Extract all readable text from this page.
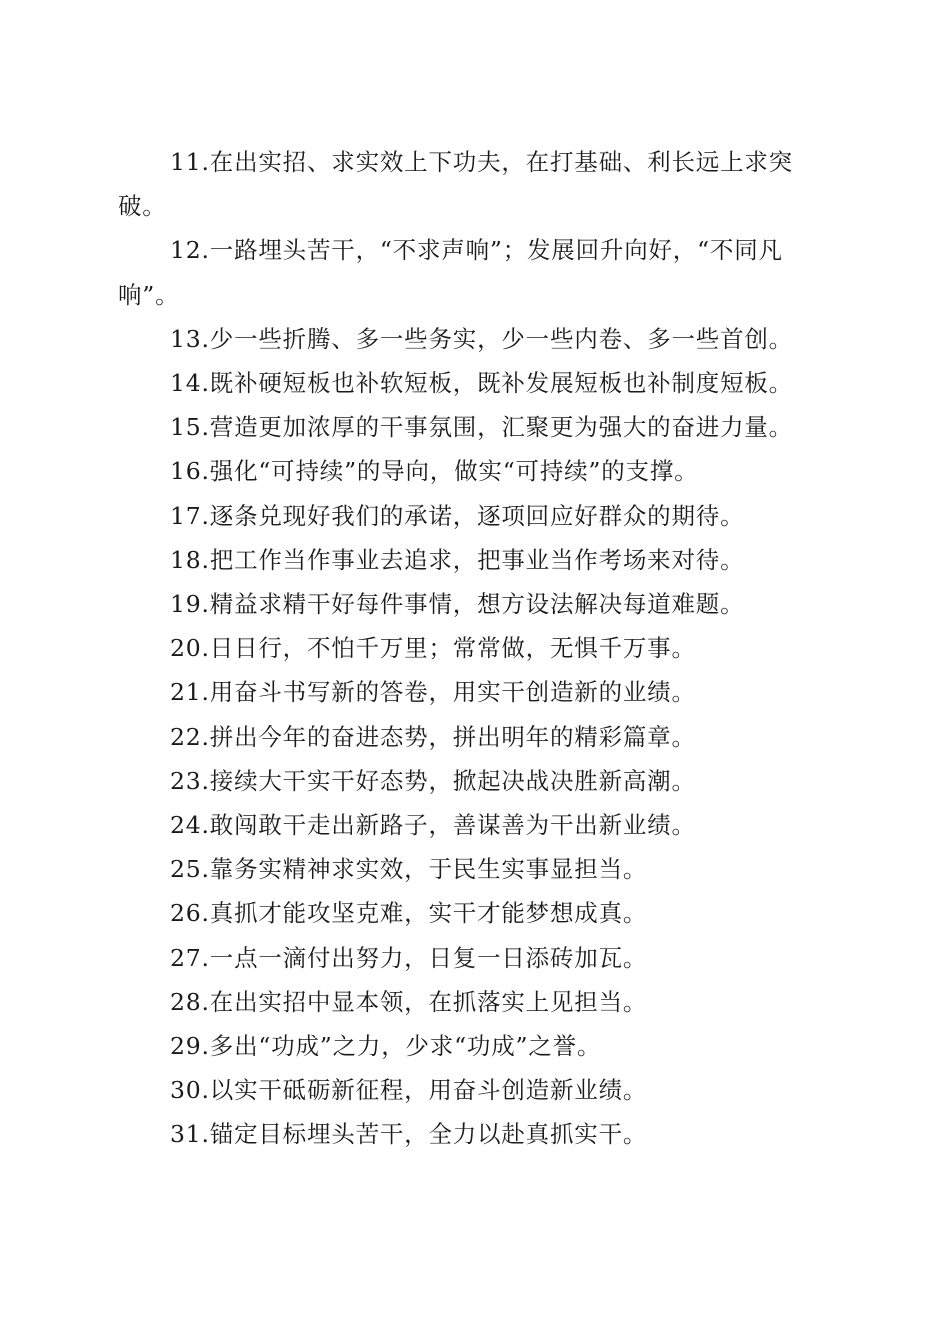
11.在出实招、求实效上下功夫，在打基础、利长远上求突破。

12.一路埋头苦干，“不求声响”；发展回升向好，“不同凡响”。

13.少一些折腾、多一些务实，少一些内卷、多一些首创。

14.既补硬短板也补软短板，既补发展短板也补制度短板。

15.营造更加浓厚的干事氛围，汇聚更为强大的奋进力量。

16.强化“可持续”的导向，做实“可持续”的支撑。

17.逐条兑现好我们的承诺，逐项回应好群众的期待。

18.把工作当作事业去追求，把事业当作考场来对待。

19.精益求精干好每件事情，想方设法解决每道难题。

20.日日行，不怕千万里；常常做，无惧千万事。

21.用奋斗书写新的答卷，用实干创造新的业绩。

22.拼出今年的奋进态势，拼出明年的精彩篇章。

23.接续大干实干好态势，掀起决战决胜新高潮。

24.敢闯敢干走出新路子，善谋善为干出新业绩。

25.靠务实精神求实效，于民生实事显担当。

26.真抓才能攻坚克难，实干才能梦想成真。

27.一点一滴付出努力，日复一日添砖加瓦。

28.在出实招中显本领，在抓落实上见担当。

29.多出“功成”之力，少求“功成”之誉。

30.以实干砥砺新征程，用奋斗创造新业绩。

31.锚定目标埋头苦干，全力以赴真抓实干。
